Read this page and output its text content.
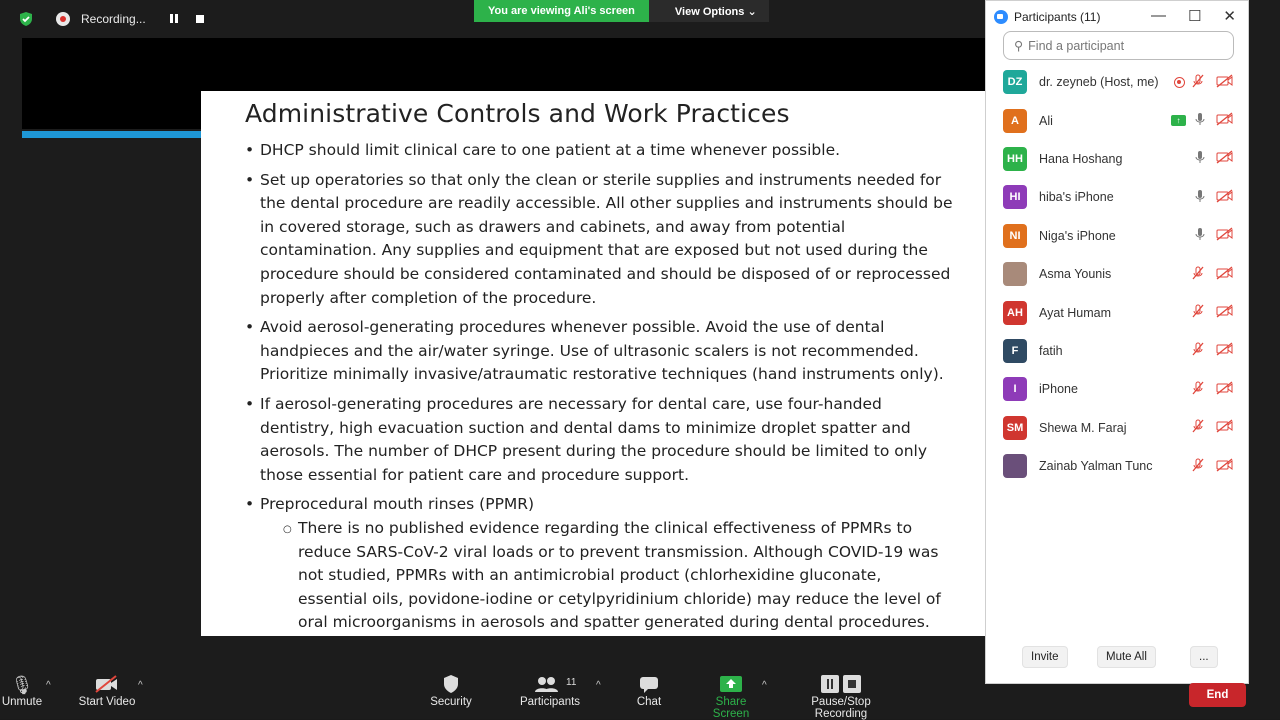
Recording...
You are viewing Ali's screen	View Options ⌄
Administrative Controls and Work Practices
• DHCP should limit clinical care to one patient at a time whenever possible.
• Set up operatories so that only the clean or sterile supplies and instruments needed for the dental procedure are readily accessible. All other supplies and instruments should be in covered storage, such as drawers and cabinets, and away from potential contamination. Any supplies and equipment that are exposed but not used during the procedure should be considered contaminated and should be disposed of or reprocessed properly after completion of the procedure.
• Avoid aerosol-generating procedures whenever possible. Avoid the use of dental handpieces and the air/water syringe. Use of ultrasonic scalers is not recommended. Prioritize minimally invasive/atraumatic restorative techniques (hand instruments only).
• If aerosol-generating procedures are necessary for dental care, use four-handed dentistry, high evacuation suction and dental dams to minimize droplet spatter and aerosols. The number of DHCP present during the procedure should be limited to only those essential for patient care and procedure support.
• Preprocedural mouth rinses (PPMR)
○ There is no published evidence regarding the clinical effectiveness of PPMRs to reduce SARS-CoV-2 viral loads or to prevent transmission. Although COVID-19 was not studied, PPMRs with an antimicrobial product (chlorhexidine gluconate, essential oils, povidone-iodine or cetylpyridinium chloride) may reduce the level of oral microorganisms in aerosols and spatter generated during dental procedures.
Participants (11)	— ☐ ✕
⚲ Find a participant
DZ	dr. zeyneb (Host, me)
A	Ali	↑
HH	Hana Hoshang
HI	hiba's iPhone
NI	Niga's iPhone
Asma Younis
AH	Ayat Humam
F	fatih
I	iPhone
SM	Shewa M. Faraj
Zainab Yalman Tunc
Invite	Mute All	...
🎙
Unmute
^
Start Video
^
Security
11
Participants
^
Chat	Share Screen
^
Pause/Stop Recording
End
